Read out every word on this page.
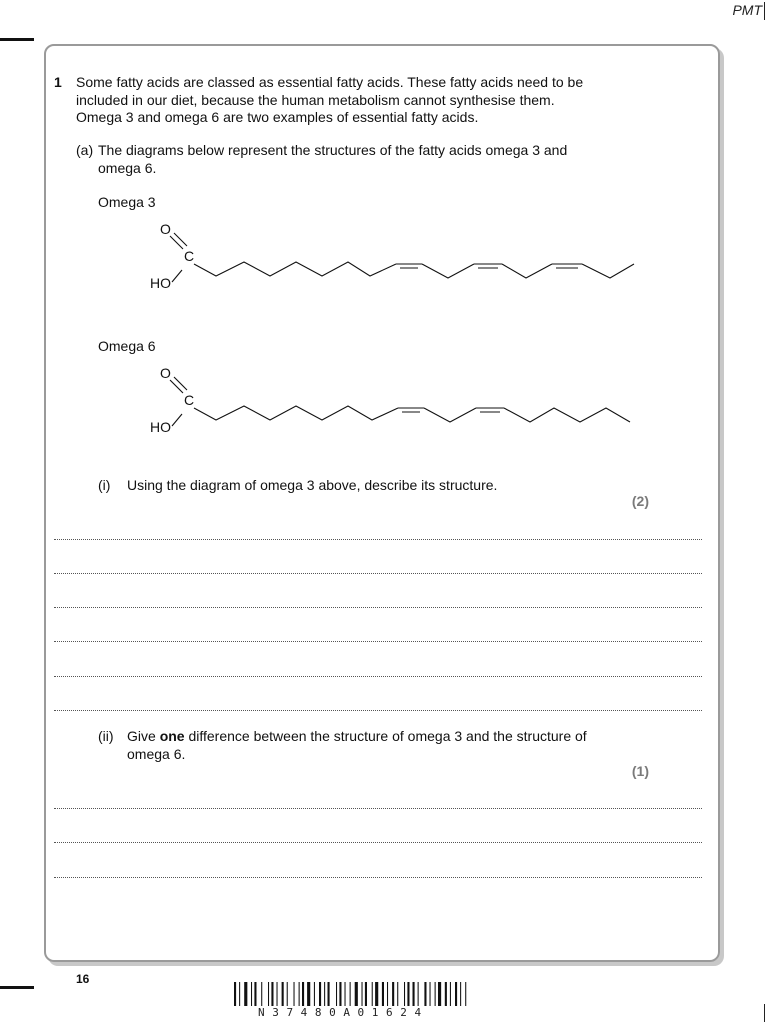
PMT
1 Some fatty acids are classed as essential fatty acids. These fatty acids need to be
included in our diet, because the human metabolism cannot synthesise them.
Omega 3 and omega 6 are two examples of essential fatty acids.
(a) The diagrams below represent the structures of the fatty acids omega 3 and
omega 6.
Omega 3
O
C
HO
Omega 6
O
C
HO
(i) Using the diagram of omega 3 above, describe its structure.
(2)
(ii) Give one difference between the structure of omega 3 and the structure of
omega 6.
(1)
16
N37480A01624
